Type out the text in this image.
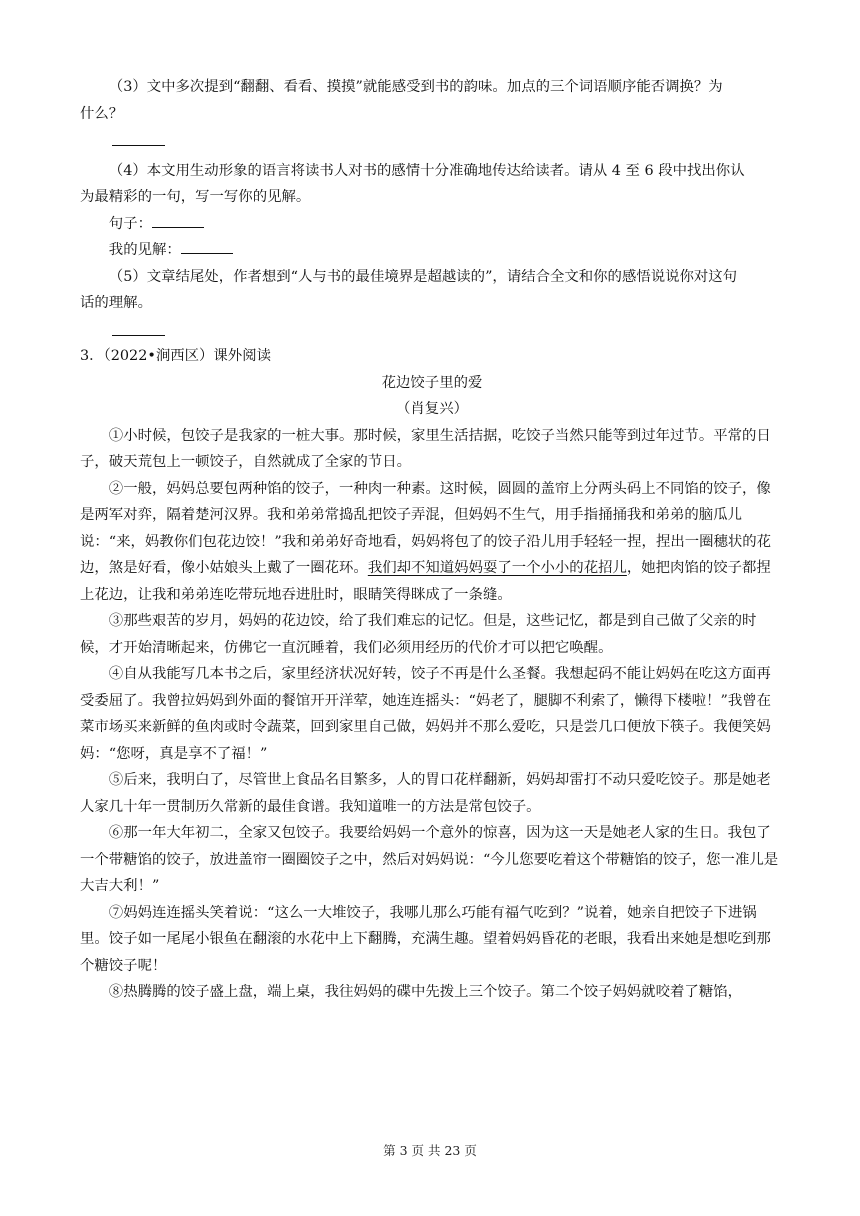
（3）文中多次提到“翻翻、看看、摸摸”就能感受到书的韵味。加点的三个词语顺序能否调换？为

什么？

（4）本文用生动形象的语言将读书人对书的感情十分准确地传达给读者。请从 4 至 6 段中找出你认

为最精彩的一句，写一写你的见解。

句子：

我的见解：

（5）文章结尾处，作者想到“人与书的最佳境界是超越读的”，请结合全文和你的感悟说说你对这句

话的理解。

3．（2022•涧西区）课外阅读

花边饺子里的爱

（肖复兴）

①小时候，包饺子是我家的一桩大事。那时候，家里生活拮据，吃饺子当然只能等到过年过节。平常的日子，破天荒包上一顿饺子，自然就成了全家的节日。

②一般，妈妈总要包两种馅的饺子，一种肉一种素。这时候，圆圆的盖帘上分两头码上不同馅的饺子，像是两军对弈，隔着楚河汉界。我和弟弟常捣乱把饺子弄混，但妈妈不生气，用手指捅捅我和弟弟的脑瓜儿说：“来，妈教你们包花边饺！”我和弟弟好奇地看，妈妈将包了的饺子沿儿用手轻轻一捏，捏出一圈穗状的花边，煞是好看，像小姑娘头上戴了一圈花环。我们却不知道妈妈耍了一个小小的花招儿，她把肉馅的饺子都捏上花边，让我和弟弟连吃带玩地吞进肚时，眼睛笑得眯成了一条缝。

③那些艰苦的岁月，妈妈的花边饺，给了我们难忘的记忆。但是，这些记忆，都是到自己做了父亲的时候，才开始清晰起来，仿佛它一直沉睡着，我们必须用经历的代价才可以把它唤醒。

④自从我能写几本书之后，家里经济状况好转，饺子不再是什么圣餐。我想起码不能让妈妈在吃这方面再受委屈了。我曾拉妈妈到外面的餐馆开开洋荤，她连连摇头：“妈老了，腿脚不利索了，懒得下楼啦！”我曾在菜市场买来新鲜的鱼肉或时令蔬菜，回到家里自己做，妈妈并不那么爱吃，只是尝几口便放下筷子。我便笑妈妈：“您呀，真是享不了福！”

⑤后来，我明白了，尽管世上食品名目繁多，人的胃口花样翻新，妈妈却雷打不动只爱吃饺子。那是她老人家几十年一贯制历久常新的最佳食谱。我知道唯一的方法是常包饺子。

⑥那一年大年初二，全家又包饺子。我要给妈妈一个意外的惊喜，因为这一天是她老人家的生日。我包了一个带糖馅的饺子，放进盖帘一圈圈饺子之中，然后对妈妈说：“今儿您要吃着这个带糖馅的饺子，您一准儿是大吉大利！”

⑦妈妈连连摇头笑着说：“这么一大堆饺子，我哪儿那么巧能有福气吃到？”说着，她亲自把饺子下进锅里。饺子如一尾尾小银鱼在翻滚的水花中上下翻腾，充满生趣。望着妈妈昏花的老眼，我看出来她是想吃到那个糖饺子呢！

⑧热腾腾的饺子盛上盘，端上桌，我往妈妈的碟中先拨上三个饺子。第二个饺子妈妈就咬着了糖馅，

第 3 页 共 23 页
